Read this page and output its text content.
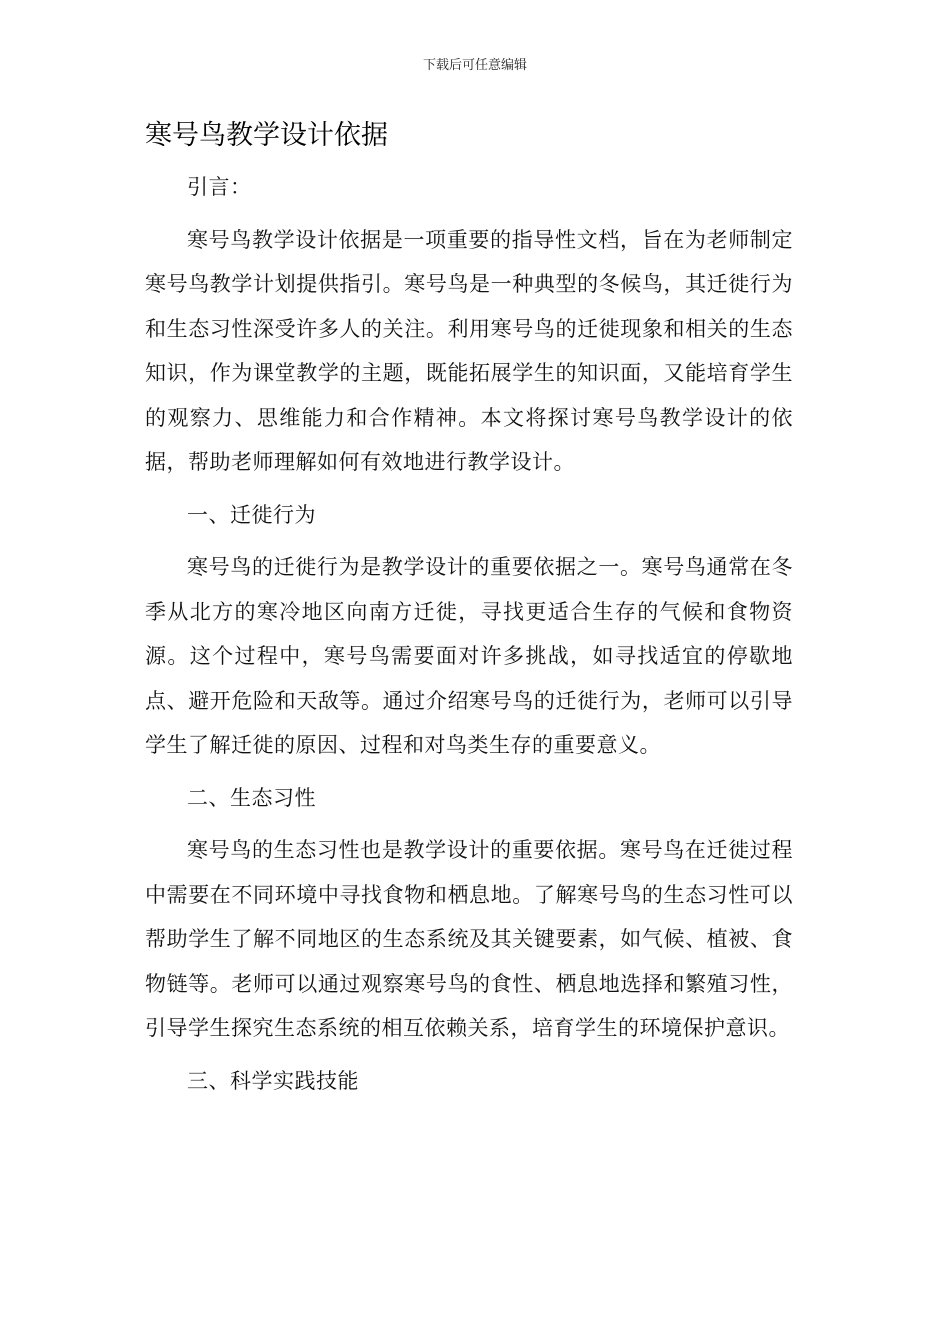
下载后可任意编辑
寒号鸟教学设计依据

引言：

寒号鸟教学设计依据是一项重要的指导性文档，旨在为老师制定寒号鸟教学计划提供指引。寒号鸟是一种典型的冬候鸟，其迁徙行为和生态习性深受许多人的关注。利用寒号鸟的迁徙现象和相关的生态知识，作为课堂教学的主题，既能拓展学生的知识面，又能培育学生的观察力、思维能力和合作精神。本文将探讨寒号鸟教学设计的依据，帮助老师理解如何有效地进行教学设计。

一、迁徙行为

寒号鸟的迁徙行为是教学设计的重要依据之一。寒号鸟通常在冬季从北方的寒冷地区向南方迁徙，寻找更适合生存的气候和食物资源。这个过程中，寒号鸟需要面对许多挑战，如寻找适宜的停歇地点、避开危险和天敌等。通过介绍寒号鸟的迁徙行为，老师可以引导学生了解迁徙的原因、过程和对鸟类生存的重要意义。

二、生态习性

寒号鸟的生态习性也是教学设计的重要依据。寒号鸟在迁徙过程中需要在不同环境中寻找食物和栖息地。了解寒号鸟的生态习性可以帮助学生了解不同地区的生态系统及其关键要素，如气候、植被、食物链等。老师可以通过观察寒号鸟的食性、栖息地选择和繁殖习性，引导学生探究生态系统的相互依赖关系，培育学生的环境保护意识。

三、科学实践技能
